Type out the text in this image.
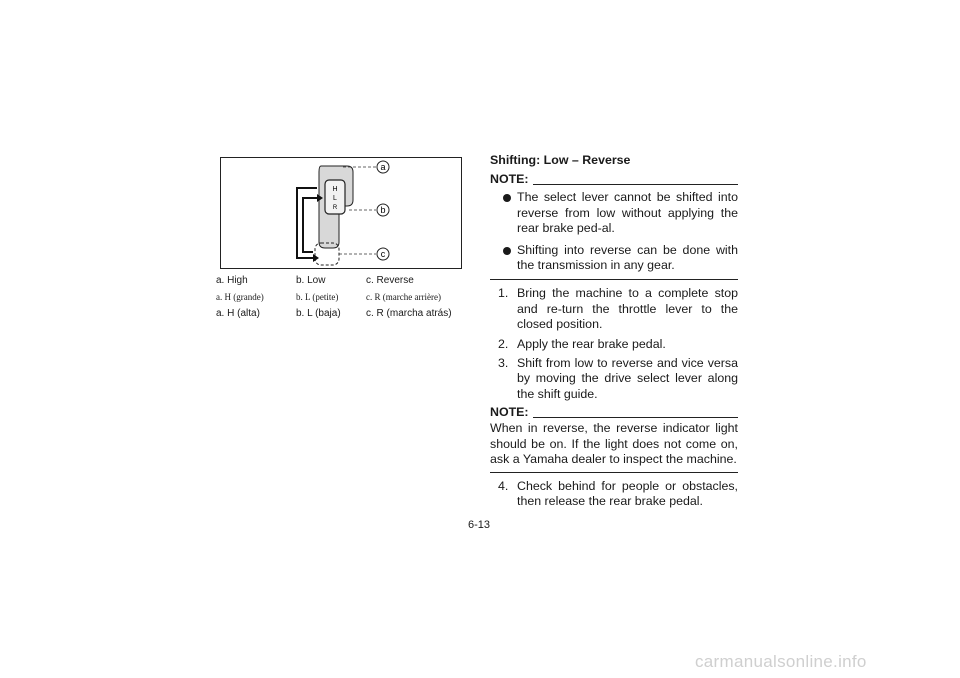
H
L
R
a
b
c
a. High	b. Low	c. Reverse
a. H (grande)	b. L (petite)	c. R (marche arrière)
a. H (alta)	b. L (baja)	c. R (marcha atrás)
Shifting: Low – Reverse
NOTE:
The select lever cannot be shifted into reverse from low without applying the rear brake ped-al.
Shifting into reverse can be done with the transmission in any gear.
1. Bring the machine to a complete stop and re-turn the throttle lever to the closed position.
2. Apply the rear brake pedal.
3. Shift from low to reverse and vice versa by moving the drive select lever along the shift guide.
NOTE:
When in reverse, the reverse indicator light should be on. If the light does not come on, ask a Yamaha dealer to inspect the machine.
4. Check behind for people or obstacles, then release the rear brake pedal.
6-13
carmanualsonline.info
